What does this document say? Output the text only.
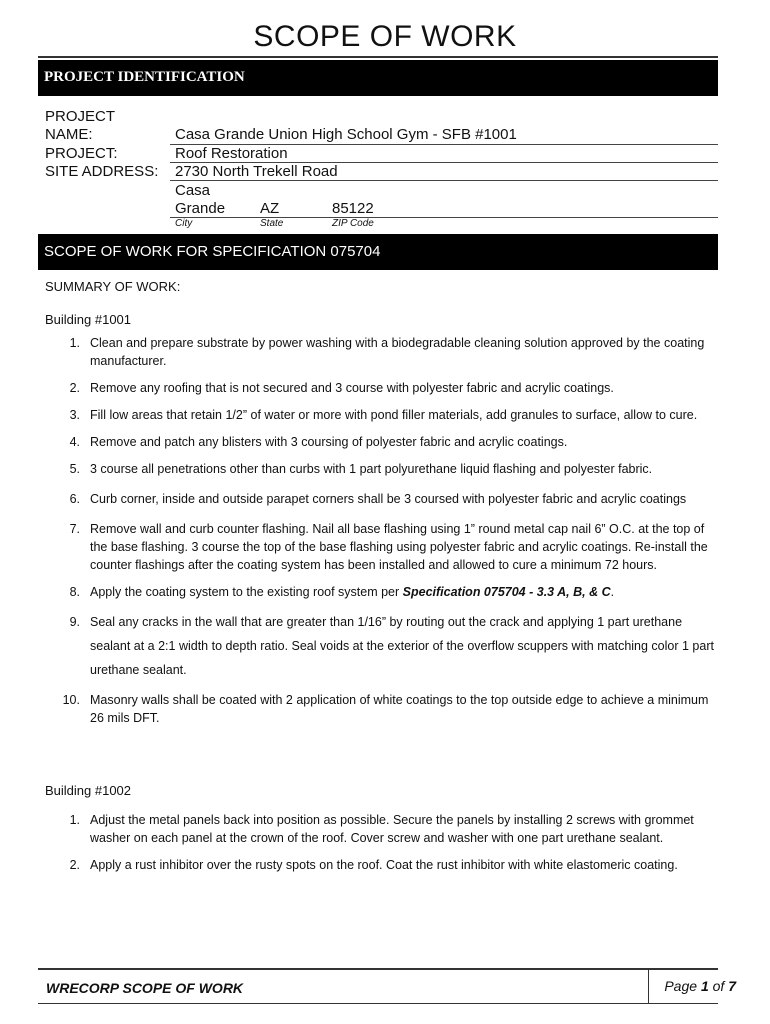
SCOPE OF WORK
PROJECT IDENTIFICATION
PROJECT
NAME:	Casa Grande Union High School Gym - SFB #1001
PROJECT:	Roof Restoration
SITE ADDRESS: 2730 North Trekell Road
Casa
Grande AZ	85122
City	State	ZIP Code
SCOPE OF WORK FOR SPECIFICATION 075704
SUMMARY OF WORK:
Building #1001
1. Clean and prepare substrate by power washing with a biodegradable cleaning solution approved by the coating manufacturer.
2. Remove any roofing that is not secured and 3 course with polyester fabric and acrylic coatings.
3. Fill low areas that retain 1/2” of water or more with pond filler materials, add granules to surface, allow to cure.
4. Remove and patch any blisters with 3 coursing of polyester fabric and acrylic coatings.
5. 3 course all penetrations other than curbs with 1 part polyurethane liquid flashing and polyester fabric.
6. Curb corner, inside and outside parapet corners shall be 3 coursed with polyester fabric and acrylic coatings
7. Remove wall and curb counter flashing. Nail all base flashing using 1” round metal cap nail 6” O.C. at the top of the base flashing. 3 course the top of the base flashing using polyester fabric and acrylic coatings. Re-install the counter flashings after the coating system has been installed and allowed to cure a minimum 72 hours.
8. Apply the coating system to the existing roof system per Specification 075704 - 3.3 A, B, & C.
9. Seal any cracks in the wall that are greater than 1/16” by routing out the crack and applying 1 part urethane sealant at a 2:1 width to depth ratio. Seal voids at the exterior of the overflow scuppers with matching color 1 part urethane sealant.
10. Masonry walls shall be coated with 2 application of white coatings to the top outside edge to achieve a minimum 26 mils DFT.
Building #1002
1. Adjust the metal panels back into position as possible. Secure the panels by installing 2 screws with grommet washer on each panel at the crown of the roof. Cover screw and washer with one part urethane sealant.
2. Apply a rust inhibitor over the rusty spots on the roof. Coat the rust inhibitor with white elastomeric coating.
WRECORP SCOPE OF WORK	Page 1 of 7
